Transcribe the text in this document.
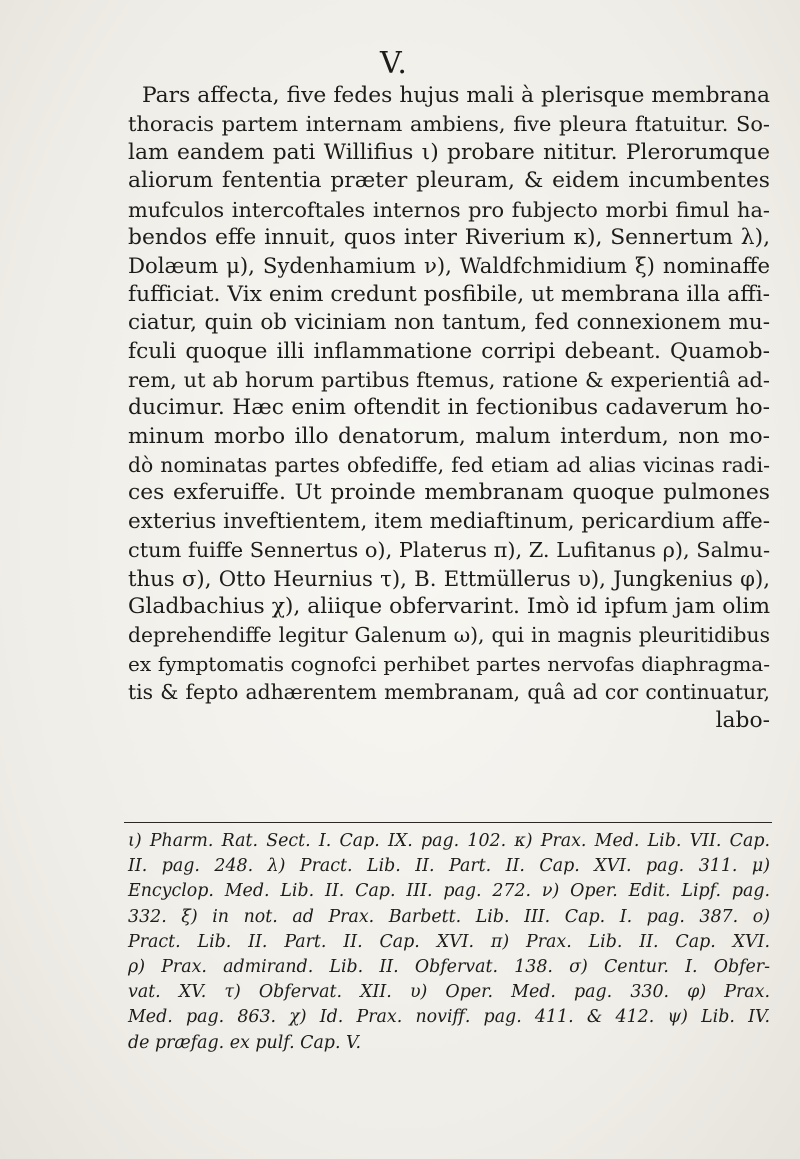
V.
Pars affecta, five fedes hujus mali à plerisque membrana
thoracis partem internam ambiens, five pleura ftatuitur. So-
lam eandem pati Willifius ι) probare nititur. Plerorumque
aliorum fententia præter pleuram, & eidem incumbentes
mufculos intercoftales internos pro fubjecto morbi fimul ha-
bendos effe innuit, quos inter Riverium κ), Sennertum λ),
Dolæum μ), Sydenhamium ν), Waldfchmidium ξ) nominaffe
fufficiat. Vix enim credunt posfibile, ut membrana illa affi-
ciatur, quin ob viciniam non tantum, fed connexionem mu-
fculi quoque illi inflammatione corripi debeant. Quamob-
rem, ut ab horum partibus ftemus, ratione & experientiâ ad-
ducimur. Hæc enim oftendit in fectionibus cadaverum ho-
minum morbo illo denatorum, malum interdum, non mo-
dò nominatas partes obfediffe, fed etiam ad alias vicinas radi-
ces exferuiffe. Ut proinde membranam quoque pulmones
exterius inveftientem, item mediaftinum, pericardium affe-
ctum fuiffe Sennertus ο), Platerus π), Z. Lufitanus ρ), Salmu-
thus σ), Otto Heurnius τ), B. Ettmüllerus υ), Jungkenius φ),
Gladbachius χ), aliique obfervarint. Imò id ipfum jam olim
deprehendiffe legitur Galenum ω), qui in magnis pleuritidibus
ex fymptomatis cognofci perhibet partes nervofas diaphragma-
tis & fepto adhærentem membranam, quâ ad cor continuatur,
labo-
ι) Pharm. Rat. Sect. I. Cap. IX. pag. 102. κ) Prax. Med. Lib. VII. Cap.
II. pag. 248. λ) Pract. Lib. II. Part. II. Cap. XVI. pag. 311. μ)
Encyclop. Med. Lib. II. Cap. III. pag. 272. ν) Oper. Edit. Lipf. pag.
332. ξ) in not. ad Prax. Barbett. Lib. III. Cap. I. pag. 387. ο)
Pract. Lib. II. Part. II. Cap. XVI. π) Prax. Lib. II. Cap. XVI.
ρ) Prax. admirand. Lib. II. Obfervat. 138. σ) Centur. I. Obfer-
vat. XV. τ) Obfervat. XII. υ) Oper. Med. pag. 330. φ) Prax.
Med. pag. 863. χ) Id. Prax. noviff. pag. 411. & 412. ψ) Lib. IV.
de præfag. ex pulf. Cap. V.
